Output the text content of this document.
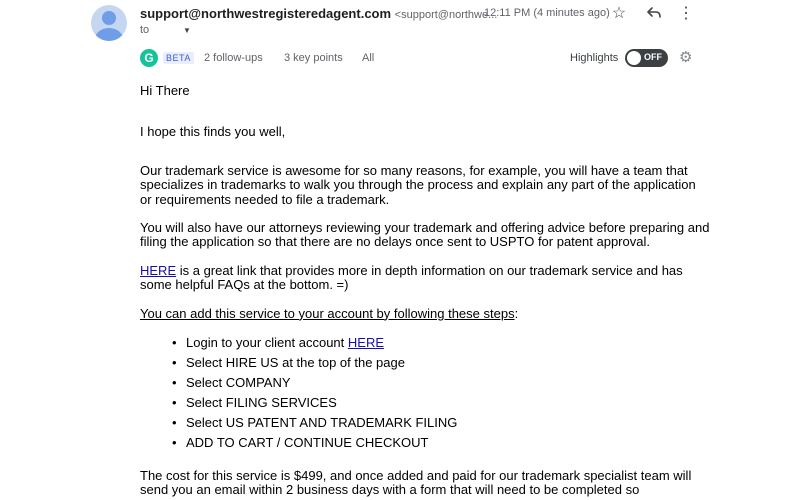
support@northwestregisteredagent.com <support@northwe...
12:11 PM (4 minutes ago) ☆	⋮
to	▼
G	BETA 2 follow-ups 3 key points All	Highlights	OFF ⚙

Hi There

I hope this finds you well,

Our trademark service is awesome for so many reasons, for example, you will have a team that specializes in trademarks to walk you through the process and explain any part of the application or requirements needed to file a trademark.

You will also have our attorneys reviewing your trademark and offering advice before preparing and filing the application so that there are no delays once sent to USPTO for patent approval.

HERE is a great link that provides more in depth information on our trademark service and has some helpful FAQs at the bottom. =)

You can add this service to your account by following these steps:

• Login to your client account HERE
• Select HIRE US at the top of the page
• Select COMPANY
• Select FILING SERVICES
• Select US PATENT AND TRADEMARK FILING
• ADD TO CART / CONTINUE CHECKOUT

The cost for this service is $499, and once added and paid for our trademark specialist team will send you an email within 2 business days with a form that will need to be completed so
